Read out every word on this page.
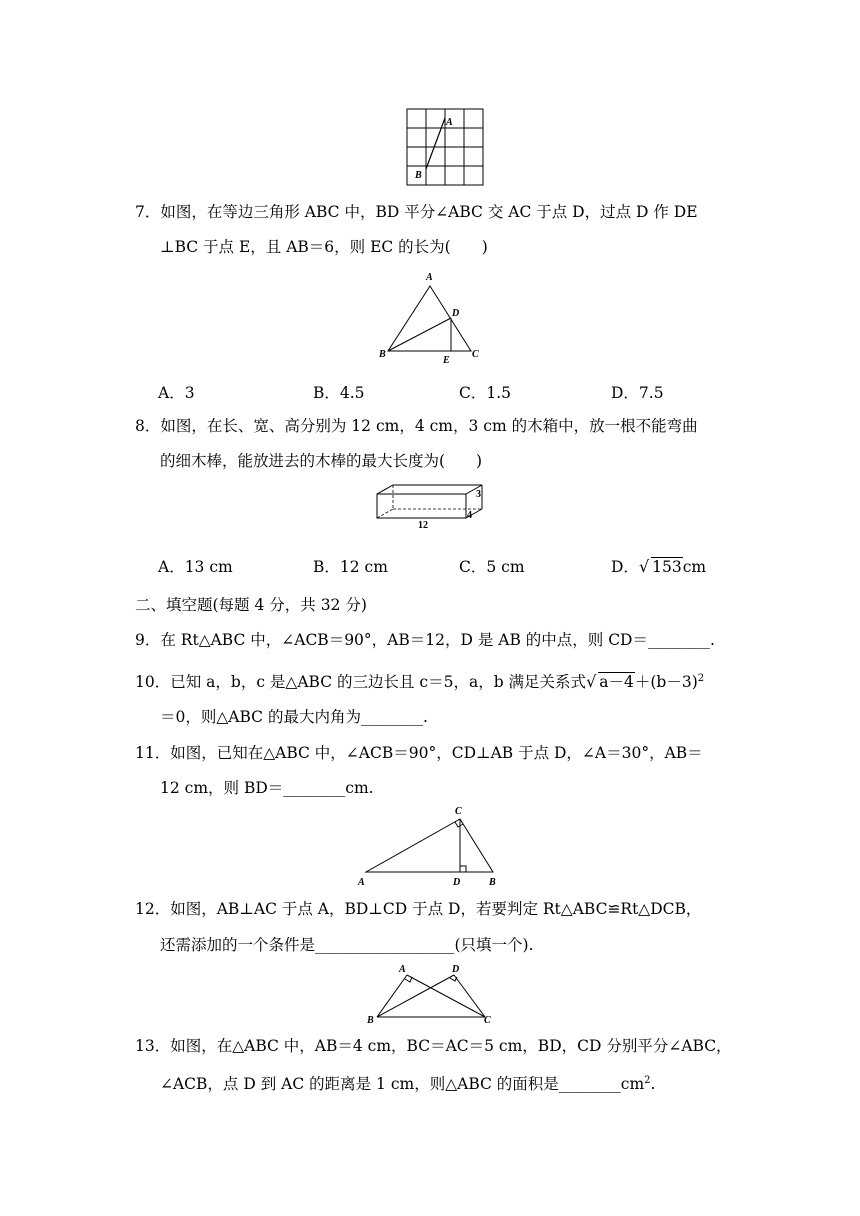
A
B
7．如图，在等边三角形 ABC 中，BD 平分∠ABC 交 AC 于点 D，过点 D 作 DE
⊥BC 于点 E，且 AB＝6，则 EC 的长为(　　)
A
B	C
D
E
A．3	B．4.5	C．1.5	D．7.5
8．如图，在长、宽、高分别为 12 cm，4 cm，3 cm 的木箱中，放一根不能弯曲
的细木棒，能放进去的木棒的最大长度为(　　)
3
4
12
A．13 cm	B．12 cm	C．5 cm	D．√ 153cm
二、填空题(每题 4 分，共 32 分)
9．在 Rt△ABC 中，∠ACB＝90°，AB＝12，D 是 AB 的中点，则 CD＝________.
10．已知 a，b，c 是△ABC 的三边长且 c＝5，a，b 满足关系式√ $a-4+(b-3)^2$
＝0，则△ABC 的最大内角为________.
11．如图，已知在△ABC 中，∠ACB＝90°，CD⊥AB 于点 D，∠A＝30°，AB＝
12 cm，则 BD＝________cm.
A	B
C
D
12．如图，AB⊥AC 于点 A，BD⊥CD 于点 D，若要判定 Rt△ABC≌Rt△DCB，
还需添加的一个条件是__________________(只填一个).
A	D
B	C
13．如图，在△ABC 中，AB＝4 cm，BC＝AC＝5 cm，BD，CD 分别平分∠ABC，
∠ACB，点 D 到 AC 的距离是 1 cm，则△ABC 的面积是$\_\_\_\_\_\_\_\_cm^2$.
